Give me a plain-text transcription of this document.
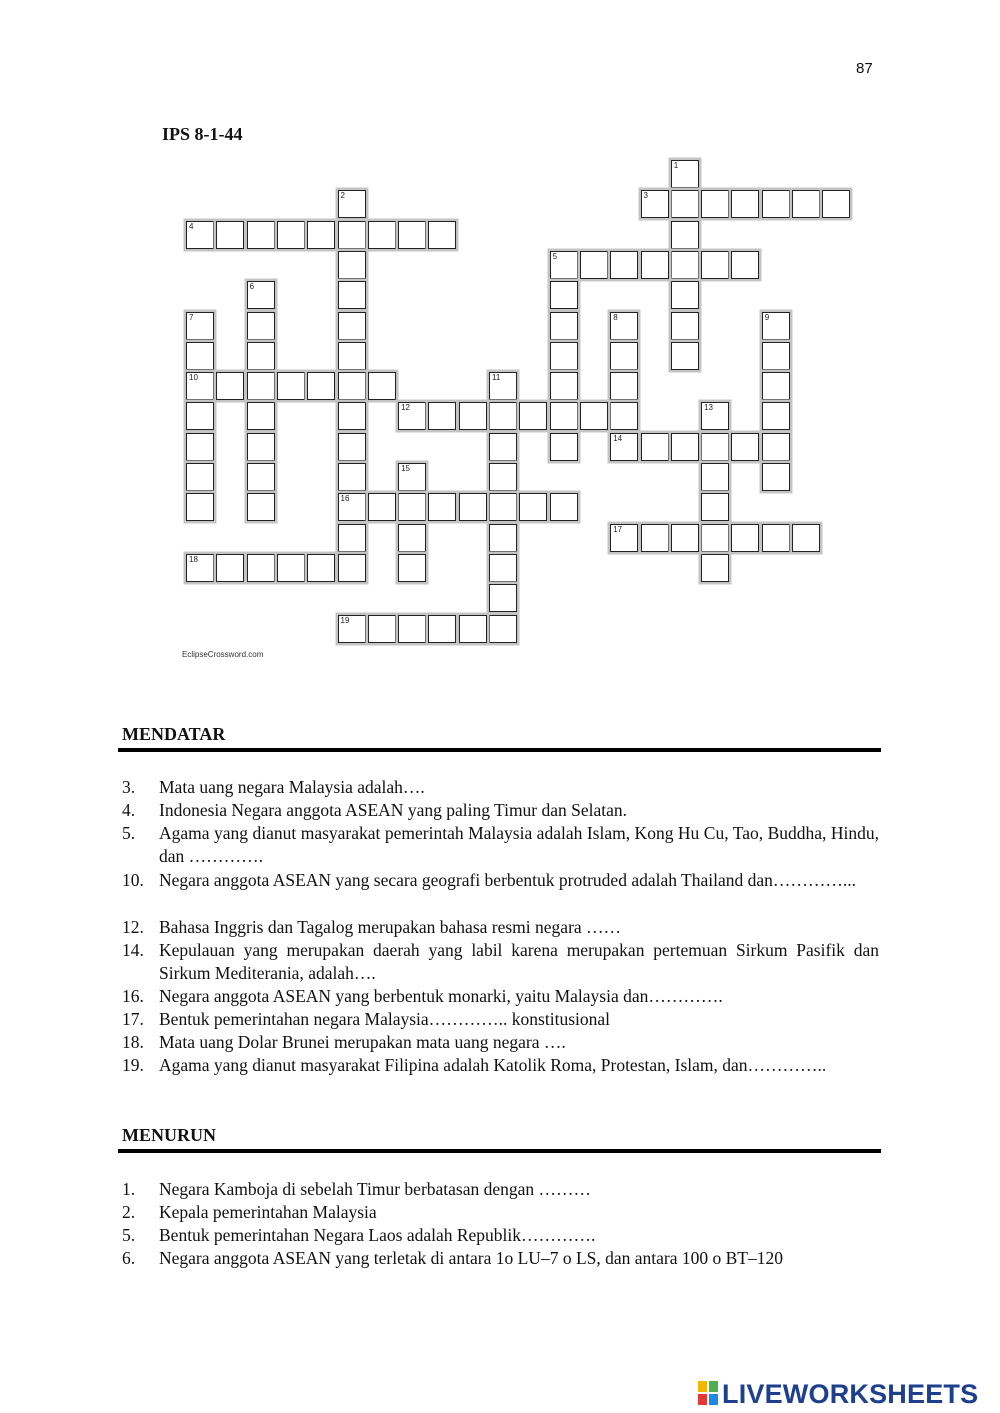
87
IPS 8-1-44
1
2
16
3
4
5
6
7
10
8
14
9
11
12	13
15
17
18
19
EclipseCrossword.com
MENDATAR
3. Mata uang negara Malaysia adalah….
4. Indonesia Negara anggota ASEAN yang paling Timur dan Selatan.
5. Agama yang dianut masyarakat pemerintah Malaysia adalah Islam, Kong Hu Cu, Tao, Buddha, Hindu, dan ………….
10. Negara anggota ASEAN yang secara geografi berbentuk protruded adalah Thailand dan…………...
12. Bahasa Inggris dan Tagalog merupakan bahasa resmi negara ……
14. Kepulauan yang merupakan daerah yang labil karena merupakan pertemuan Sirkum Pasifik dan Sirkum Mediterania, adalah….
16. Negara anggota ASEAN yang berbentuk monarki, yaitu Malaysia dan………….
17. Bentuk pemerintahan negara Malaysia………….. konstitusional
18. Mata uang Dolar Brunei merupakan mata uang negara ….
19. Agama yang dianut masyarakat Filipina adalah Katolik Roma, Protestan, Islam, dan…………..
MENURUN
1. Negara Kamboja di sebelah Timur berbatasan dengan ………
2. Kepala pemerintahan Malaysia
5. Bentuk pemerintahan Negara Laos adalah Republik………….
6. Negara anggota ASEAN yang terletak di antara 1o LU–7 o LS, dan antara 100 o BT–120
LIVEWORKSHEETS
